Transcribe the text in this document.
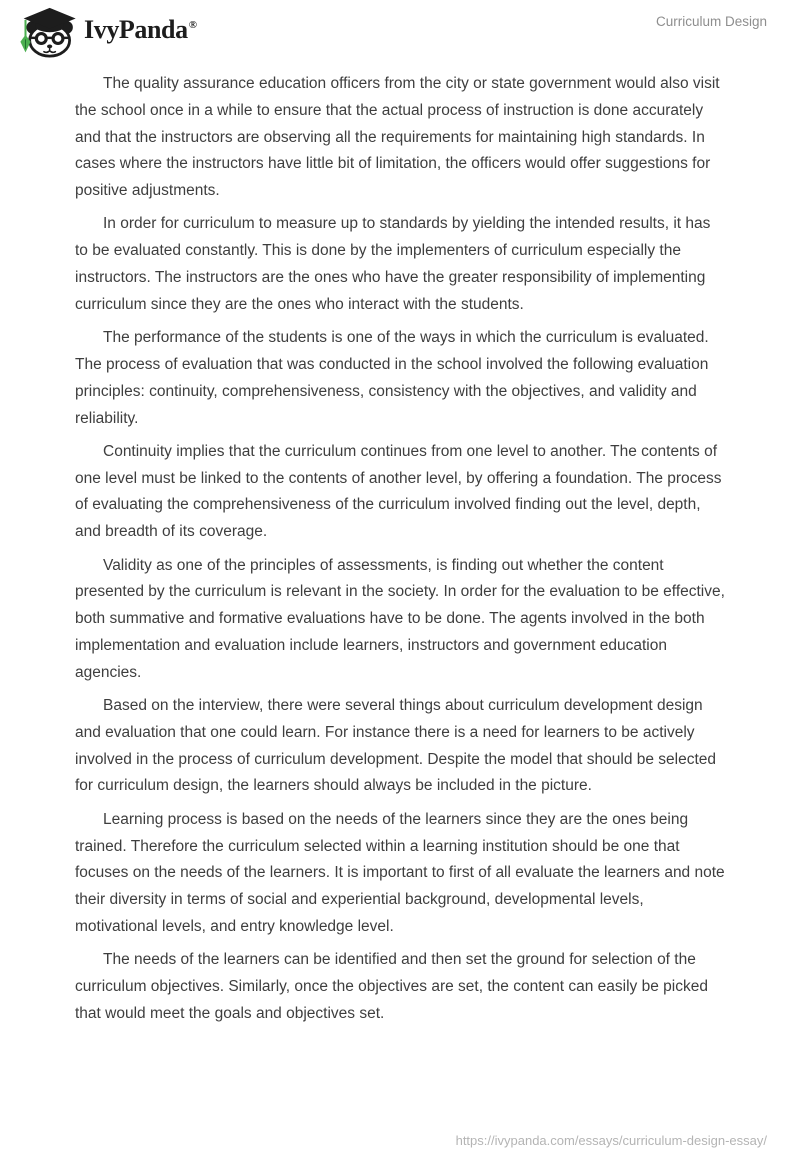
IvyPanda®	Curriculum Design

The quality assurance education officers from the city or state government would also visit the school once in a while to ensure that the actual process of instruction is done accurately and that the instructors are observing all the requirements for maintaining high standards. In cases where the instructors have little bit of limitation, the officers would offer suggestions for positive adjustments.

In order for curriculum to measure up to standards by yielding the intended results, it has to be evaluated constantly. This is done by the implementers of curriculum especially the instructors. The instructors are the ones who have the greater responsibility of implementing curriculum since they are the ones who interact with the students.

The performance of the students is one of the ways in which the curriculum is evaluated. The process of evaluation that was conducted in the school involved the following evaluation principles: continuity, comprehensiveness, consistency with the objectives, and validity and reliability.

Continuity implies that the curriculum continues from one level to another. The contents of one level must be linked to the contents of another level, by offering a foundation. The process of evaluating the comprehensiveness of the curriculum involved finding out the level, depth, and breadth of its coverage.

Validity as one of the principles of assessments, is finding out whether the content presented by the curriculum is relevant in the society. In order for the evaluation to be effective, both summative and formative evaluations have to be done. The agents involved in the both implementation and evaluation include learners, instructors and government education agencies.

Based on the interview, there were several things about curriculum development design and evaluation that one could learn. For instance there is a need for learners to be actively involved in the process of curriculum development. Despite the model that should be selected for curriculum design, the learners should always be included in the picture.

Learning process is based on the needs of the learners since they are the ones being trained. Therefore the curriculum selected within a learning institution should be one that focuses on the needs of the learners. It is important to first of all evaluate the learners and note their diversity in terms of social and experiential background, developmental levels, motivational levels, and entry knowledge level.

The needs of the learners can be identified and then set the ground for selection of the curriculum objectives. Similarly, once the objectives are set, the content can easily be picked that would meet the goals and objectives set.

https://ivypanda.com/essays/curriculum-design-essay/
